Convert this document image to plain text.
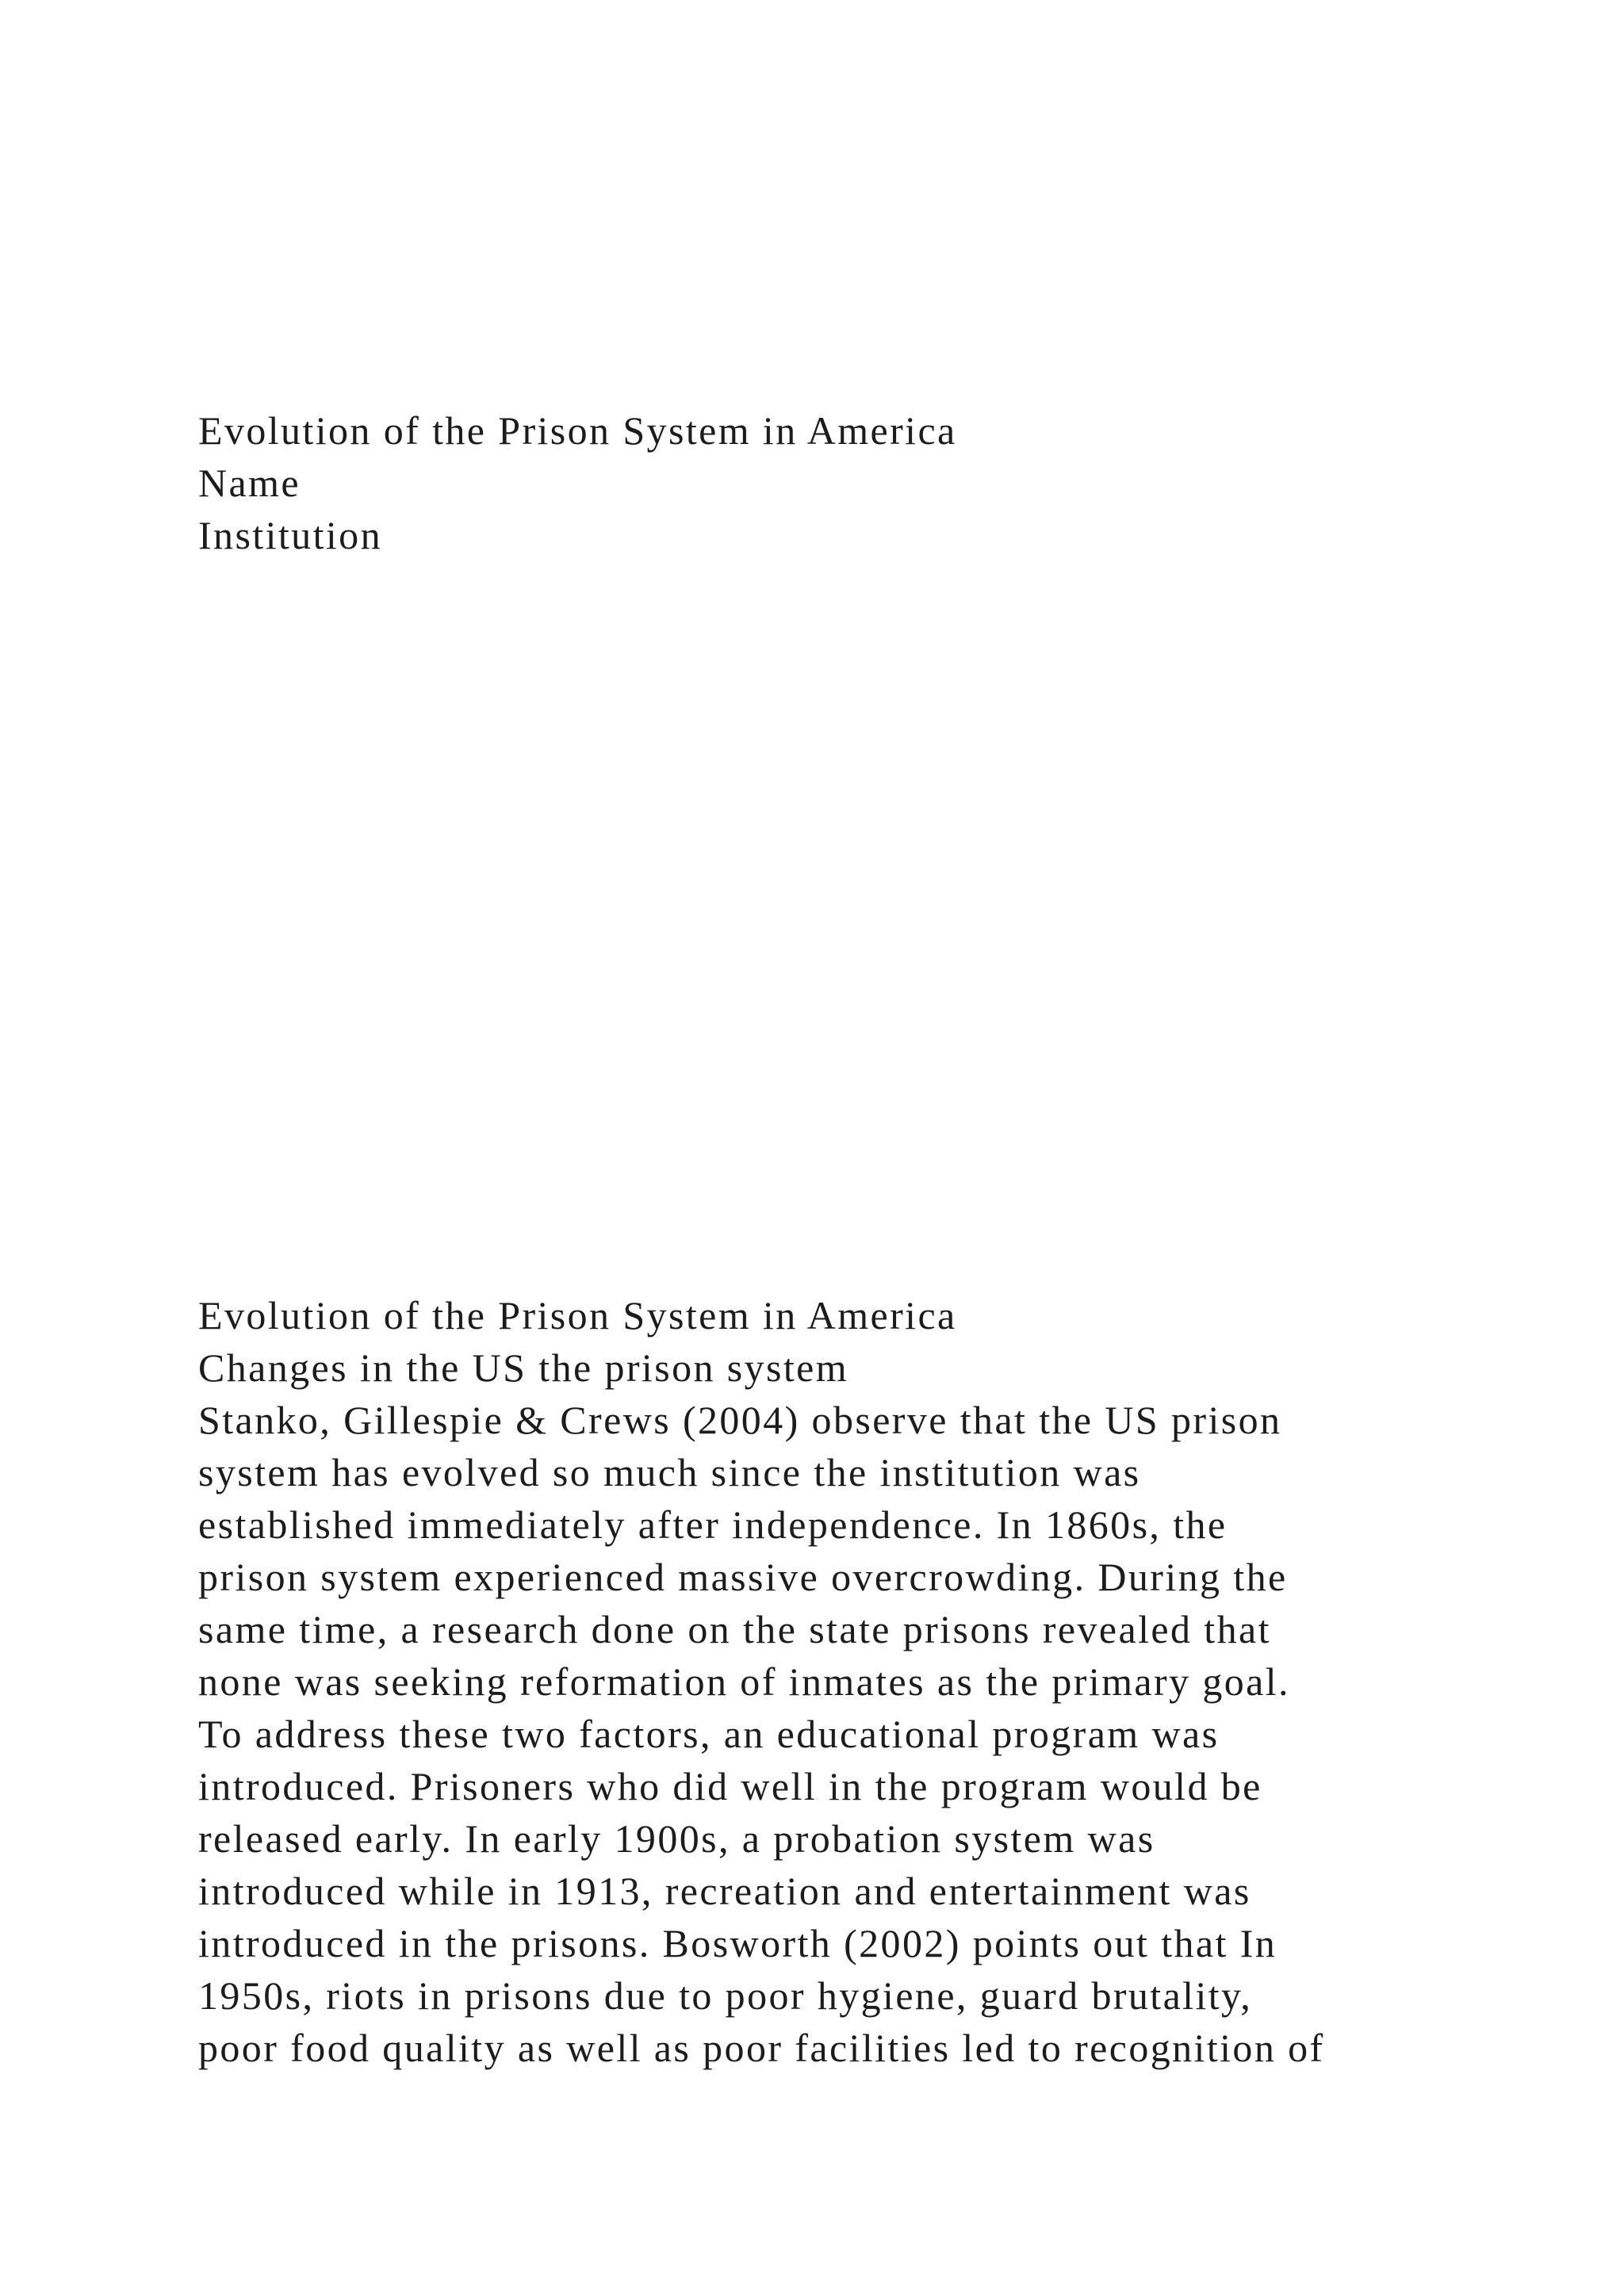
Evolution of the Prison System in America
Name
Institution
Evolution of the Prison System in America
Changes in the US the prison system
Stanko, Gillespie & Crews (2004) observe that the US prison
system has evolved so much since the institution was
established immediately after independence. In 1860s, the
prison system experienced massive overcrowding. During the
same time, a research done on the state prisons revealed that
none was seeking reformation of inmates as the primary goal.
To address these two factors, an educational program was
introduced. Prisoners who did well in the program would be
released early. In early 1900s, a probation system was
introduced while in 1913, recreation and entertainment was
introduced in the prisons. Bosworth (2002) points out that In
1950s, riots in prisons due to poor hygiene, guard brutality,
poor food quality as well as poor facilities led to recognition of
